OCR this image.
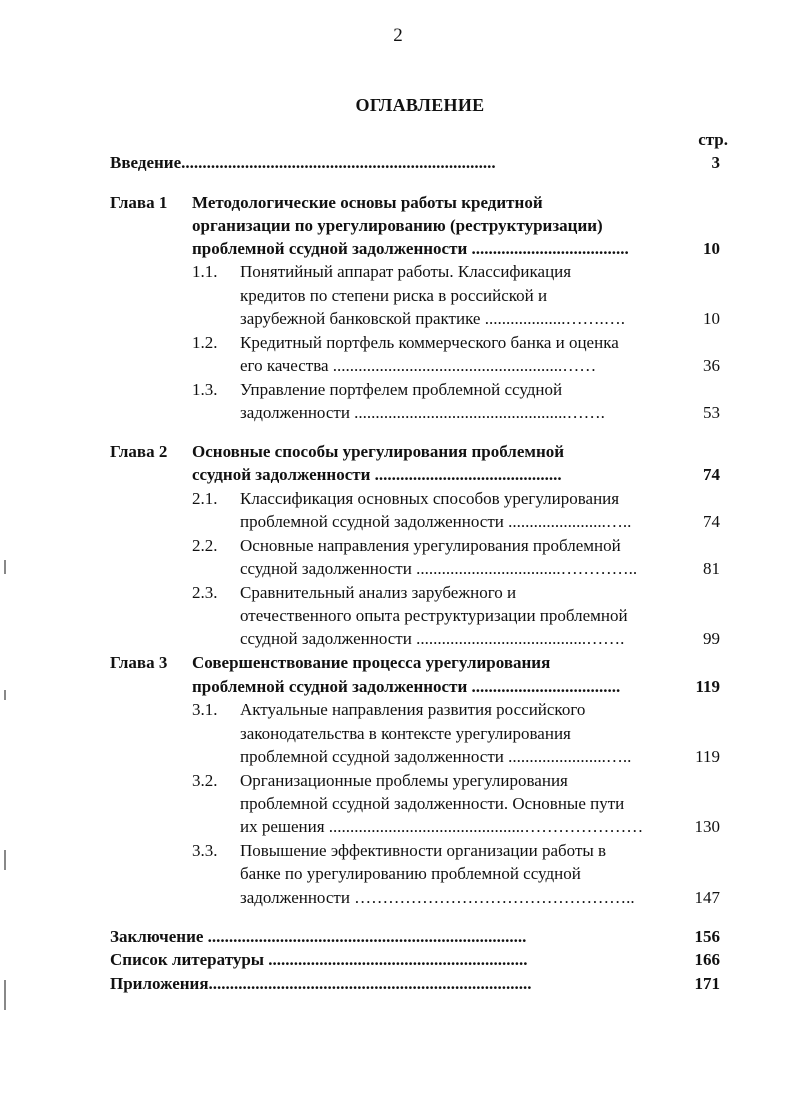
2
ОГЛАВЛЕНИЕ
стр.
Введение..........................................................................	3
Глава 1 Методологические основы работы кредитной
организации по урегулированию (реструктуризации)
проблемной ссудной задолженности .....................................	10
1.1. Понятийный аппарат работы. Классификация
кредитов по степени риска в российской и
зарубежной банковской практике ...................…….….	10
1.2. Кредитный портфель коммерческого банка и оценка
его качества ......................................................……	36
1.3. Управление портфелем проблемной ссудной
задолженности ..................................................…….	53
Глава 2 Основные способы урегулирования проблемной
ссудной задолженности ............................................	74
2.1. Классификация основных способов урегулирования
проблемной ссудной задолженности .......................…..	74
2.2. Основные направления урегулирования проблемной
ссудной задолженности ..................................…………..	81
2.3. Сравнительный анализ зарубежного и
отечественного опыта реструктуризации проблемной
ссудной задолженности ........................................…….	99
Глава 3 Совершенствование процесса урегулирования
проблемной ссудной задолженности ...................................	119
3.1. Актуальные направления развития российского
законодательства в контексте урегулирования
проблемной ссудной задолженности .......................…..	119
3.2. Организационные проблемы урегулирования
проблемной ссудной задолженности. Основные пути
их решения ..............................................…………………	130
3.3. Повышение эффективности организации работы в
банке по урегулированию проблемной ссудной
задолженности …………………………………………..	147
Заключение ...........................................................................	156
Список литературы .............................................................	166
Приложения............................................................................	171
